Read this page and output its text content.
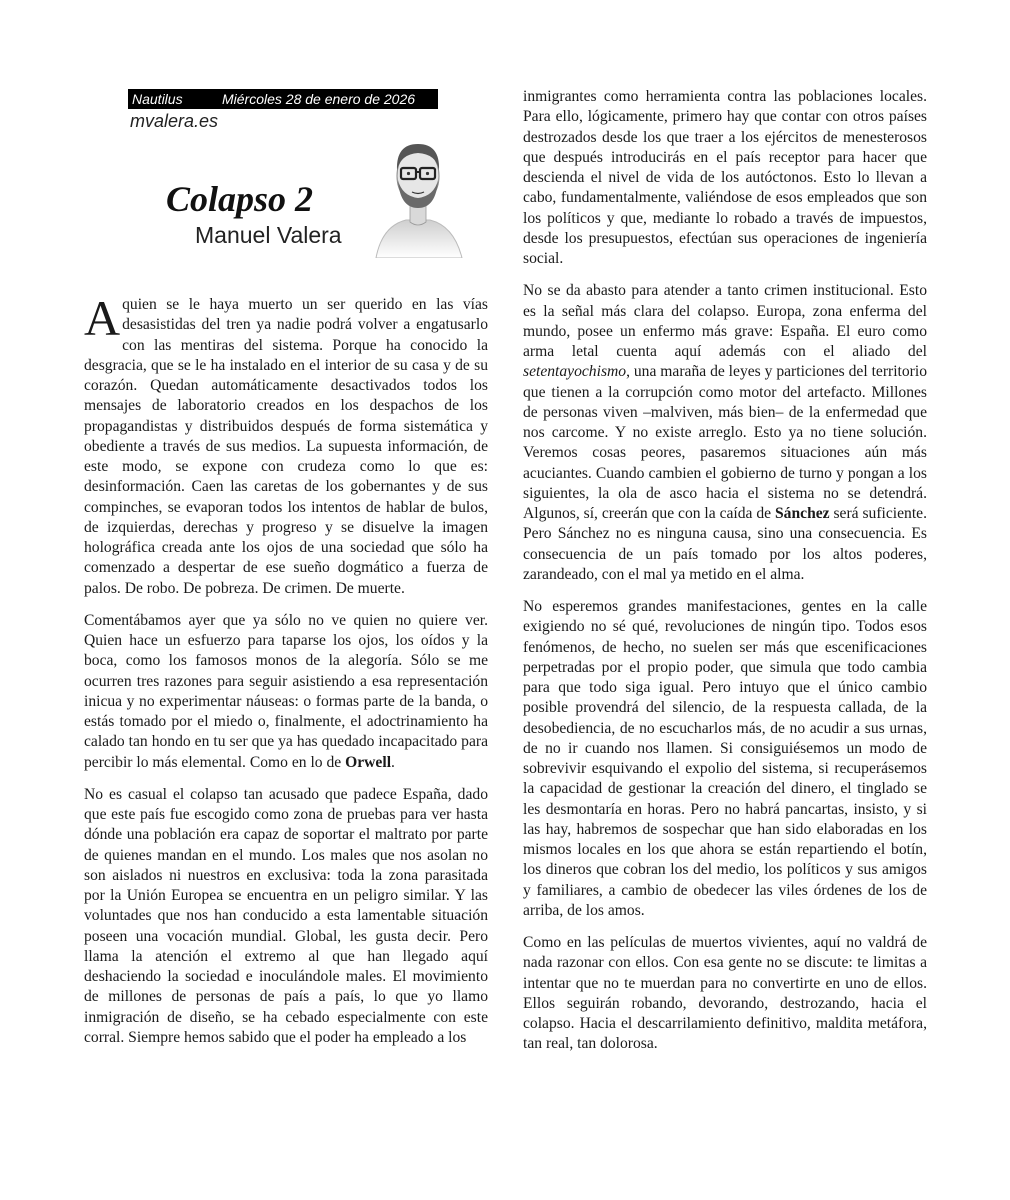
Nautilus	Miércoles 28 de enero de 2026
mvalera.es
Colapso 2
Manuel Valera

A quien se le haya muerto un ser querido en las vías desasistidas del tren ya nadie podrá volver a engatusarlo con las mentiras del sistema. Porque ha conocido la desgracia, que se le ha instalado en el interior de su casa y de su corazón. Quedan automáticamente desactivados todos los mensajes de laboratorio creados en los despachos de los propagandistas y distribuidos después de forma sistemática y obediente a través de sus medios. La supuesta información, de este modo, se expone con crudeza como lo que es: desinformación. Caen las caretas de los gobernantes y de sus compinches, se evaporan todos los intentos de hablar de bulos, de izquierdas, derechas y progreso y se disuelve la imagen holográfica creada ante los ojos de una sociedad que sólo ha comenzado a despertar de ese sueño dogmático a fuerza de palos. De robo. De pobreza. De crimen. De muerte.

Comentábamos ayer que ya sólo no ve quien no quiere ver. Quien hace un esfuerzo para taparse los ojos, los oídos y la boca, como los famosos monos de la alegoría. Sólo se me ocurren tres razones para seguir asistiendo a esa representación inicua y no experimentar náuseas: o formas parte de la banda, o estás tomado por el miedo o, finalmente, el adoctrinamiento ha calado tan hondo en tu ser que ya has quedado incapacitado para percibir lo más elemental. Como en lo de Orwell.

No es casual el colapso tan acusado que padece España, dado que este país fue escogido como zona de pruebas para ver hasta dónde una población era capaz de soportar el maltrato por parte de quienes mandan en el mundo. Los males que nos asolan no son aislados ni nuestros en exclusiva: toda la zona parasitada por la Unión Europea se encuentra en un peligro similar. Y las voluntades que nos han conducido a esta lamentable situación poseen una vocación mundial. Global, les gusta decir. Pero llama la atención el extremo al que han llegado aquí deshaciendo la sociedad e inoculándole males. El movimiento de millones de personas de país a país, lo que yo llamo inmigración de diseño, se ha cebado especialmente con este corral. Siempre hemos sabido que el poder ha empleado a los

inmigrantes como herramienta contra las poblaciones locales. Para ello, lógicamente, primero hay que contar con otros países destrozados desde los que traer a los ejércitos de menesterosos que después introducirás en el país receptor para hacer que descienda el nivel de vida de los autóctonos. Esto lo llevan a cabo, fundamentalmente, valiéndose de esos empleados que son los políticos y que, mediante lo robado a través de impuestos, desde los presupuestos, efectúan sus operaciones de ingeniería social.

No se da abasto para atender a tanto crimen institucional. Esto es la señal más clara del colapso. Europa, zona enferma del mundo, posee un enfermo más grave: España. El euro como arma letal cuenta aquí además con el aliado del setentayochismo, una maraña de leyes y particiones del territorio que tienen a la corrupción como motor del artefacto. Millones de personas viven –malviven, más bien– de la enfermedad que nos carcome. Y no existe arreglo. Esto ya no tiene solución. Veremos cosas peores, pasaremos situaciones aún más acuciantes. Cuando cambien el gobierno de turno y pongan a los siguientes, la ola de asco hacia el sistema no se detendrá. Algunos, sí, creerán que con la caída de Sánchez será suficiente. Pero Sánchez no es ninguna causa, sino una consecuencia. Es consecuencia de un país tomado por los altos poderes, zarandeado, con el mal ya metido en el alma.

No esperemos grandes manifestaciones, gentes en la calle exigiendo no sé qué, revoluciones de ningún tipo. Todos esos fenómenos, de hecho, no suelen ser más que escenificaciones perpetradas por el propio poder, que simula que todo cambia para que todo siga igual. Pero intuyo que el único cambio posible provendrá del silencio, de la respuesta callada, de la desobediencia, de no escucharlos más, de no acudir a sus urnas, de no ir cuando nos llamen. Si consiguiésemos un modo de sobrevivir esquivando el expolio del sistema, si recuperásemos la capacidad de gestionar la creación del dinero, el tinglado se les desmontaría en horas. Pero no habrá pancartas, insisto, y si las hay, habremos de sospechar que han sido elaboradas en los mismos locales en los que ahora se están repartiendo el botín, los dineros que cobran los del medio, los políticos y sus amigos y familiares, a cambio de obedecer las viles órdenes de los de arriba, de los amos.

Como en las películas de muertos vivientes, aquí no valdrá de nada razonar con ellos. Con esa gente no se discute: te limitas a intentar que no te muerdan para no convertirte en uno de ellos. Ellos seguirán robando, devorando, destrozando, hacia el colapso. Hacia el descarrilamiento definitivo, maldita metáfora, tan real, tan dolorosa.
